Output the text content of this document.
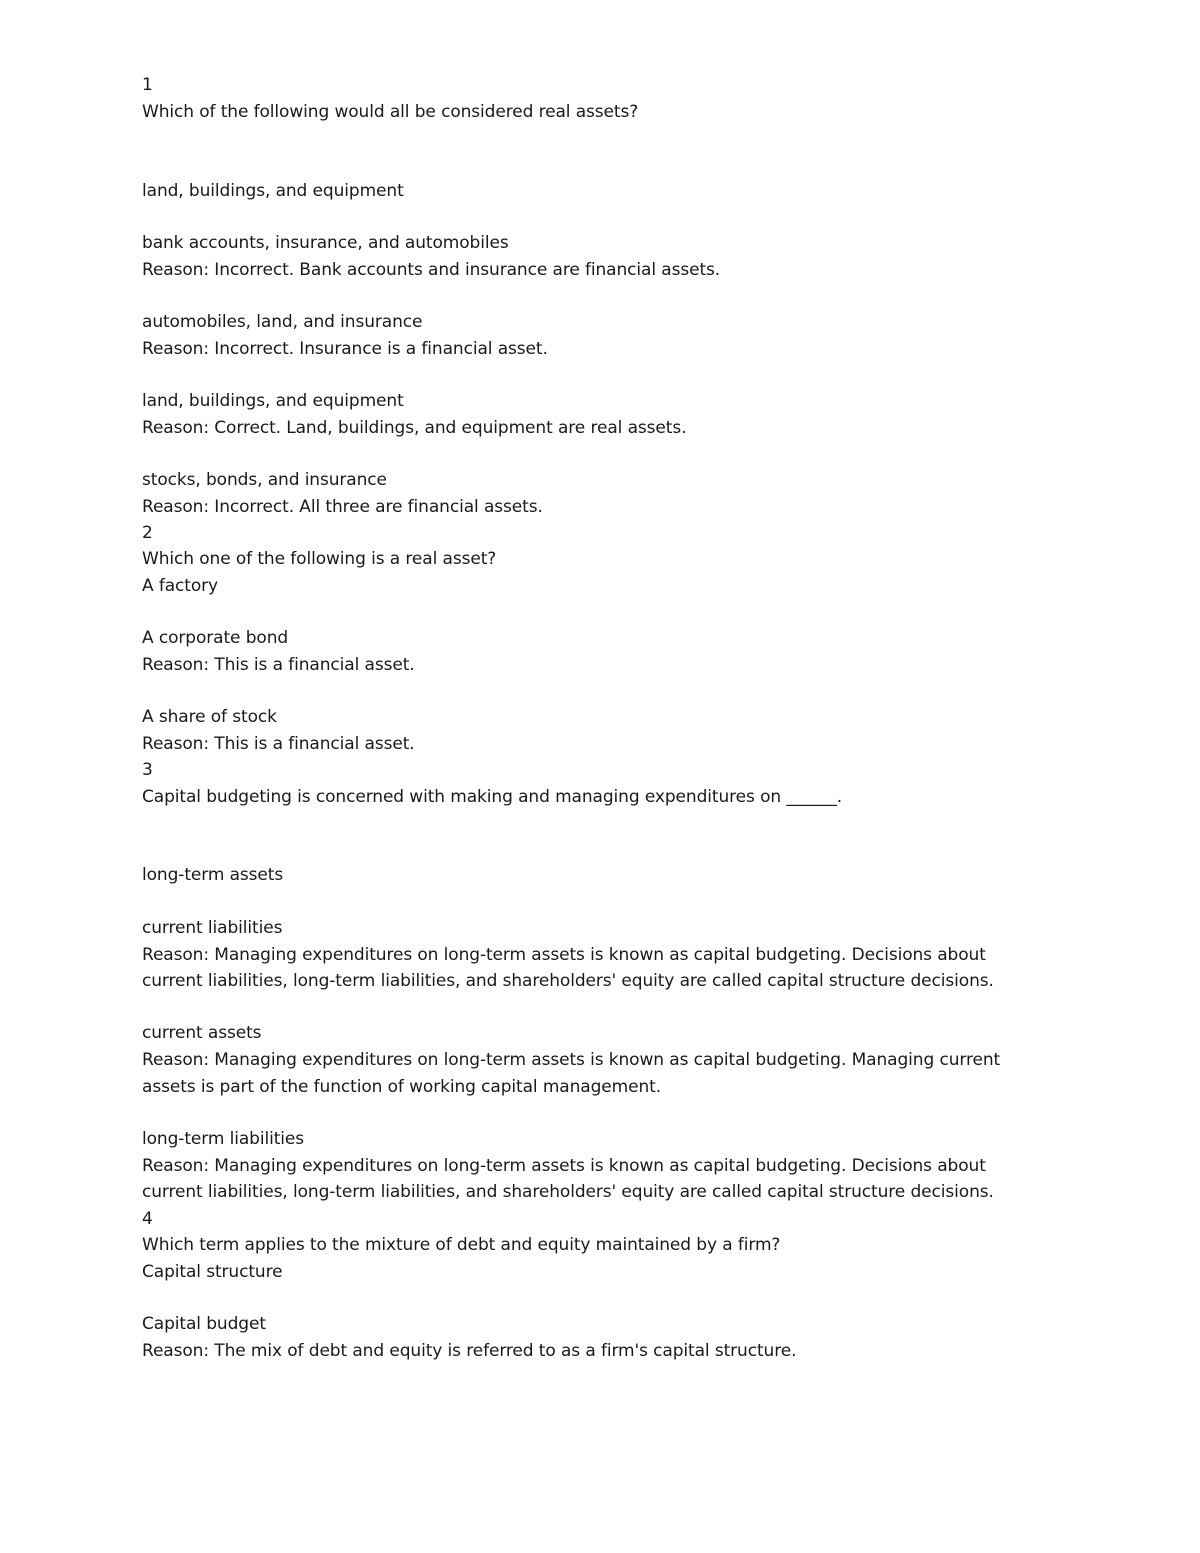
1
Which of the following would all be considered real assets?
land, buildings, and equipment
bank accounts, insurance, and automobiles
Reason: Incorrect. Bank accounts and insurance are financial assets.
automobiles, land, and insurance
Reason: Incorrect. Insurance is a financial asset.
land, buildings, and equipment
Reason: Correct. Land, buildings, and equipment are real assets.
stocks, bonds, and insurance
Reason: Incorrect. All three are financial assets.
2
Which one of the following is a real asset?
A factory
A corporate bond
Reason: This is a financial asset.
A share of stock
Reason: This is a financial asset.
3
Capital budgeting is concerned with making and managing expenditures on ______.
long-term assets
current liabilities
Reason: Managing expenditures on long-term assets is known as capital budgeting. Decisions about
current liabilities, long-term liabilities, and shareholders' equity are called capital structure decisions.
current assets
Reason: Managing expenditures on long-term assets is known as capital budgeting. Managing current
assets is part of the function of working capital management.
long-term liabilities
Reason: Managing expenditures on long-term assets is known as capital budgeting. Decisions about
current liabilities, long-term liabilities, and shareholders' equity are called capital structure decisions.
4
Which term applies to the mixture of debt and equity maintained by a firm?
Capital structure
Capital budget
Reason: The mix of debt and equity is referred to as a firm's capital structure.
